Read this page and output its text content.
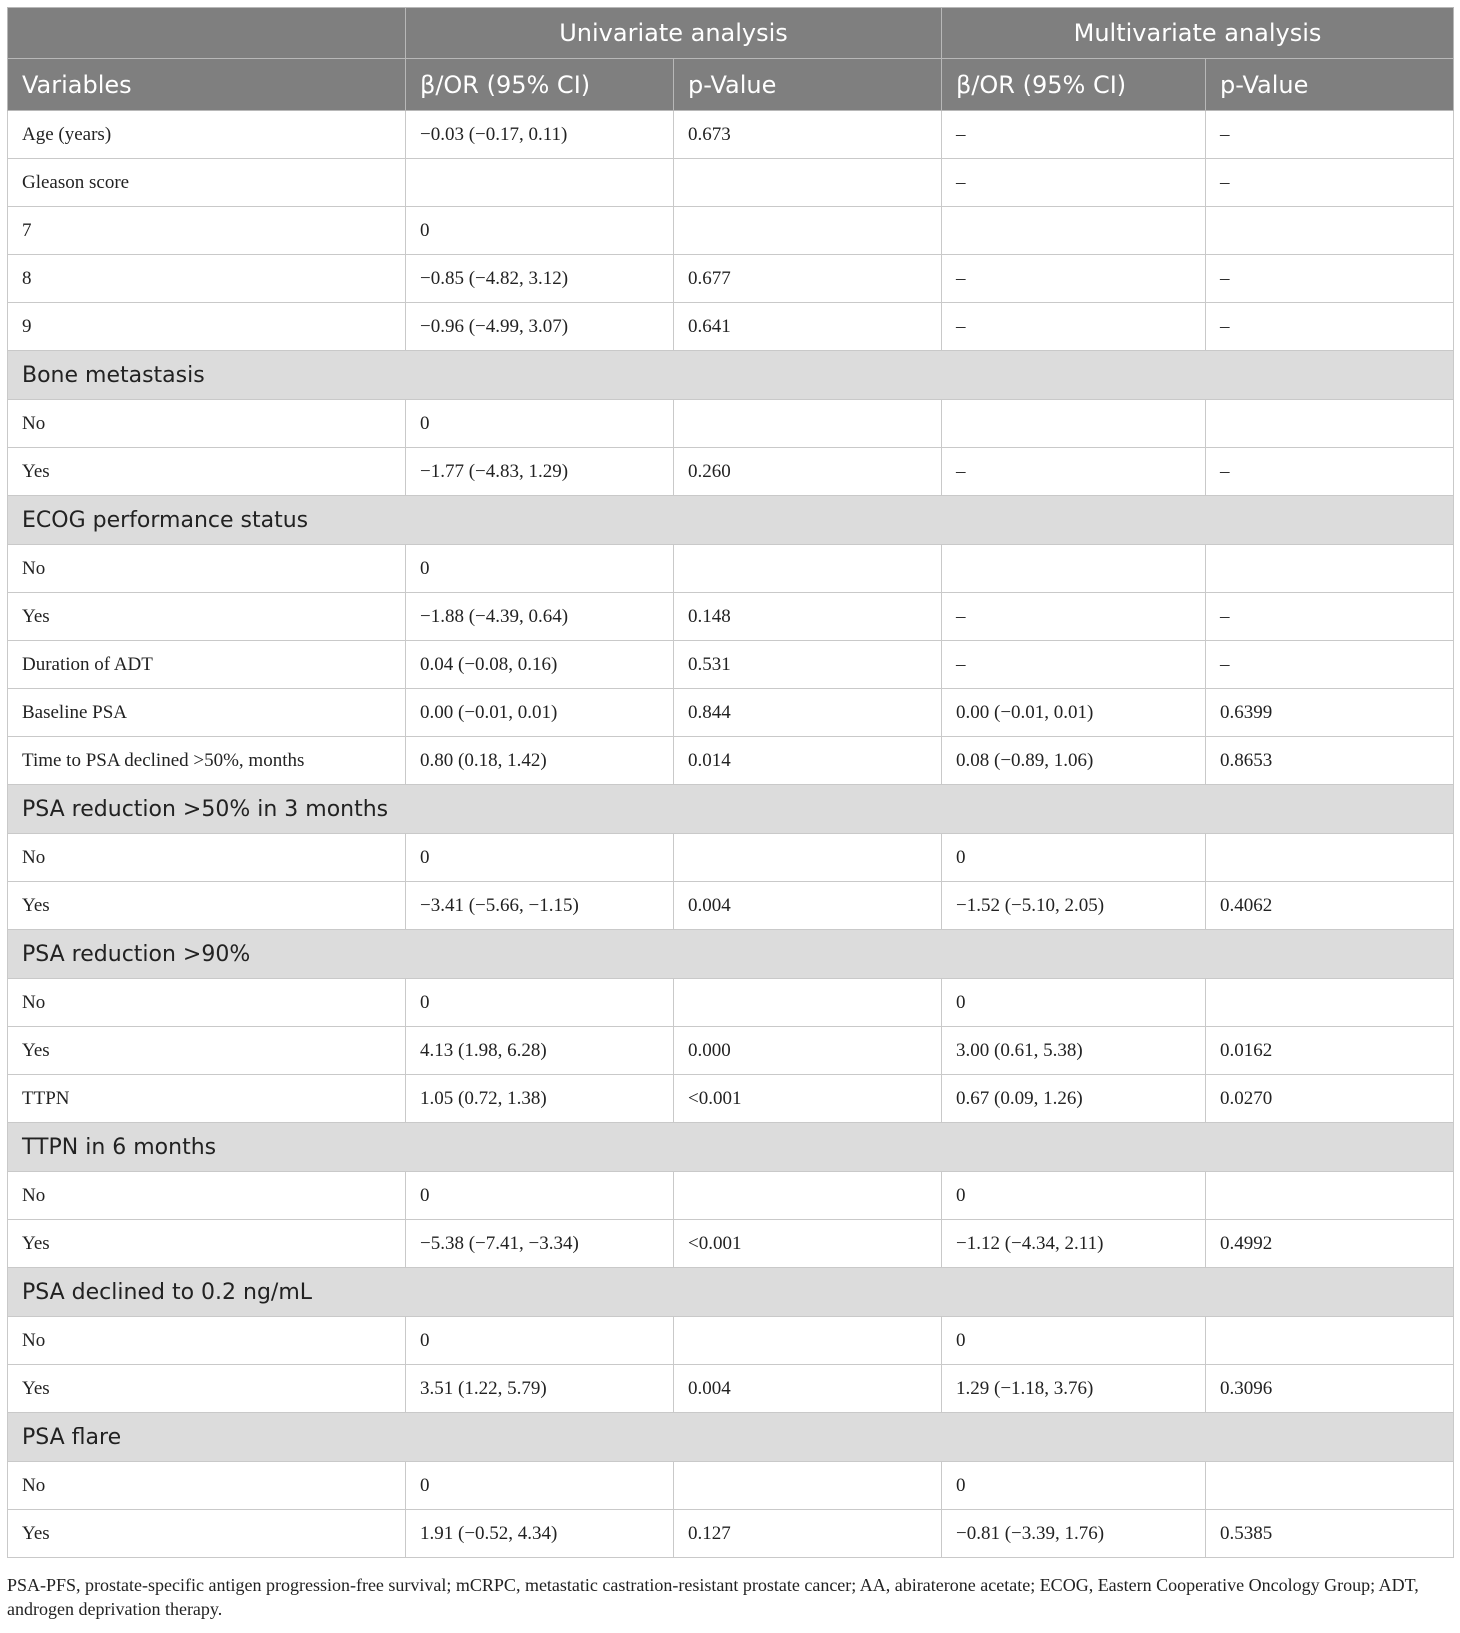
	Univariate analysis		Multivariate analysis	
Variables	β/OR (95% CI)	p-Value	β/OR (95% CI)	p-Value
Age (years)	−0.03 (−0.17, 0.11)	0.673	–	–
Gleason score			–	–
7	0			
8	−0.85 (−4.82, 3.12)	0.677	–	–
9	−0.96 (−4.99, 3.07)	0.641	–	–
Bone metastasis				
No	0			
Yes	−1.77 (−4.83, 1.29)	0.260	–	–
ECOG performance status				
No	0			
Yes	−1.88 (−4.39, 0.64)	0.148	–	–
Duration of ADT	0.04 (−0.08, 0.16)	0.531	–	–
Baseline PSA	0.00 (−0.01, 0.01)	0.844	0.00 (−0.01, 0.01)	0.6399
Time to PSA declined >50%, months	0.80 (0.18, 1.42)	0.014	0.08 (−0.89, 1.06)	0.8653
PSA reduction >50% in 3 months				
No	0		0	
Yes	−3.41 (−5.66, −1.15)	0.004	−1.52 (−5.10, 2.05)	0.4062
PSA reduction >90%				
No	0		0	
Yes	4.13 (1.98, 6.28)	0.000	3.00 (0.61, 5.38)	0.0162
TTPN	1.05 (0.72, 1.38)	<0.001	0.67 (0.09, 1.26)	0.0270
TTPN in 6 months				
No	0		0	
Yes	−5.38 (−7.41, −3.34)	<0.001	−1.12 (−4.34, 2.11)	0.4992
PSA declined to 0.2 ng/mL				
No	0		0	
Yes	3.51 (1.22, 5.79)	0.004	1.29 (−1.18, 3.76)	0.3096
PSA flare				
No	0		0	
Yes	1.91 (−0.52, 4.34)	0.127	−0.81 (−3.39, 1.76)	0.5385
PSA-PFS, prostate-specific antigen progression-free survival; mCRPC, metastatic castration-resistant prostate cancer; AA, abiraterone acetate; ECOG, Eastern Cooperative Oncology Group; ADT, androgen deprivation therapy.
